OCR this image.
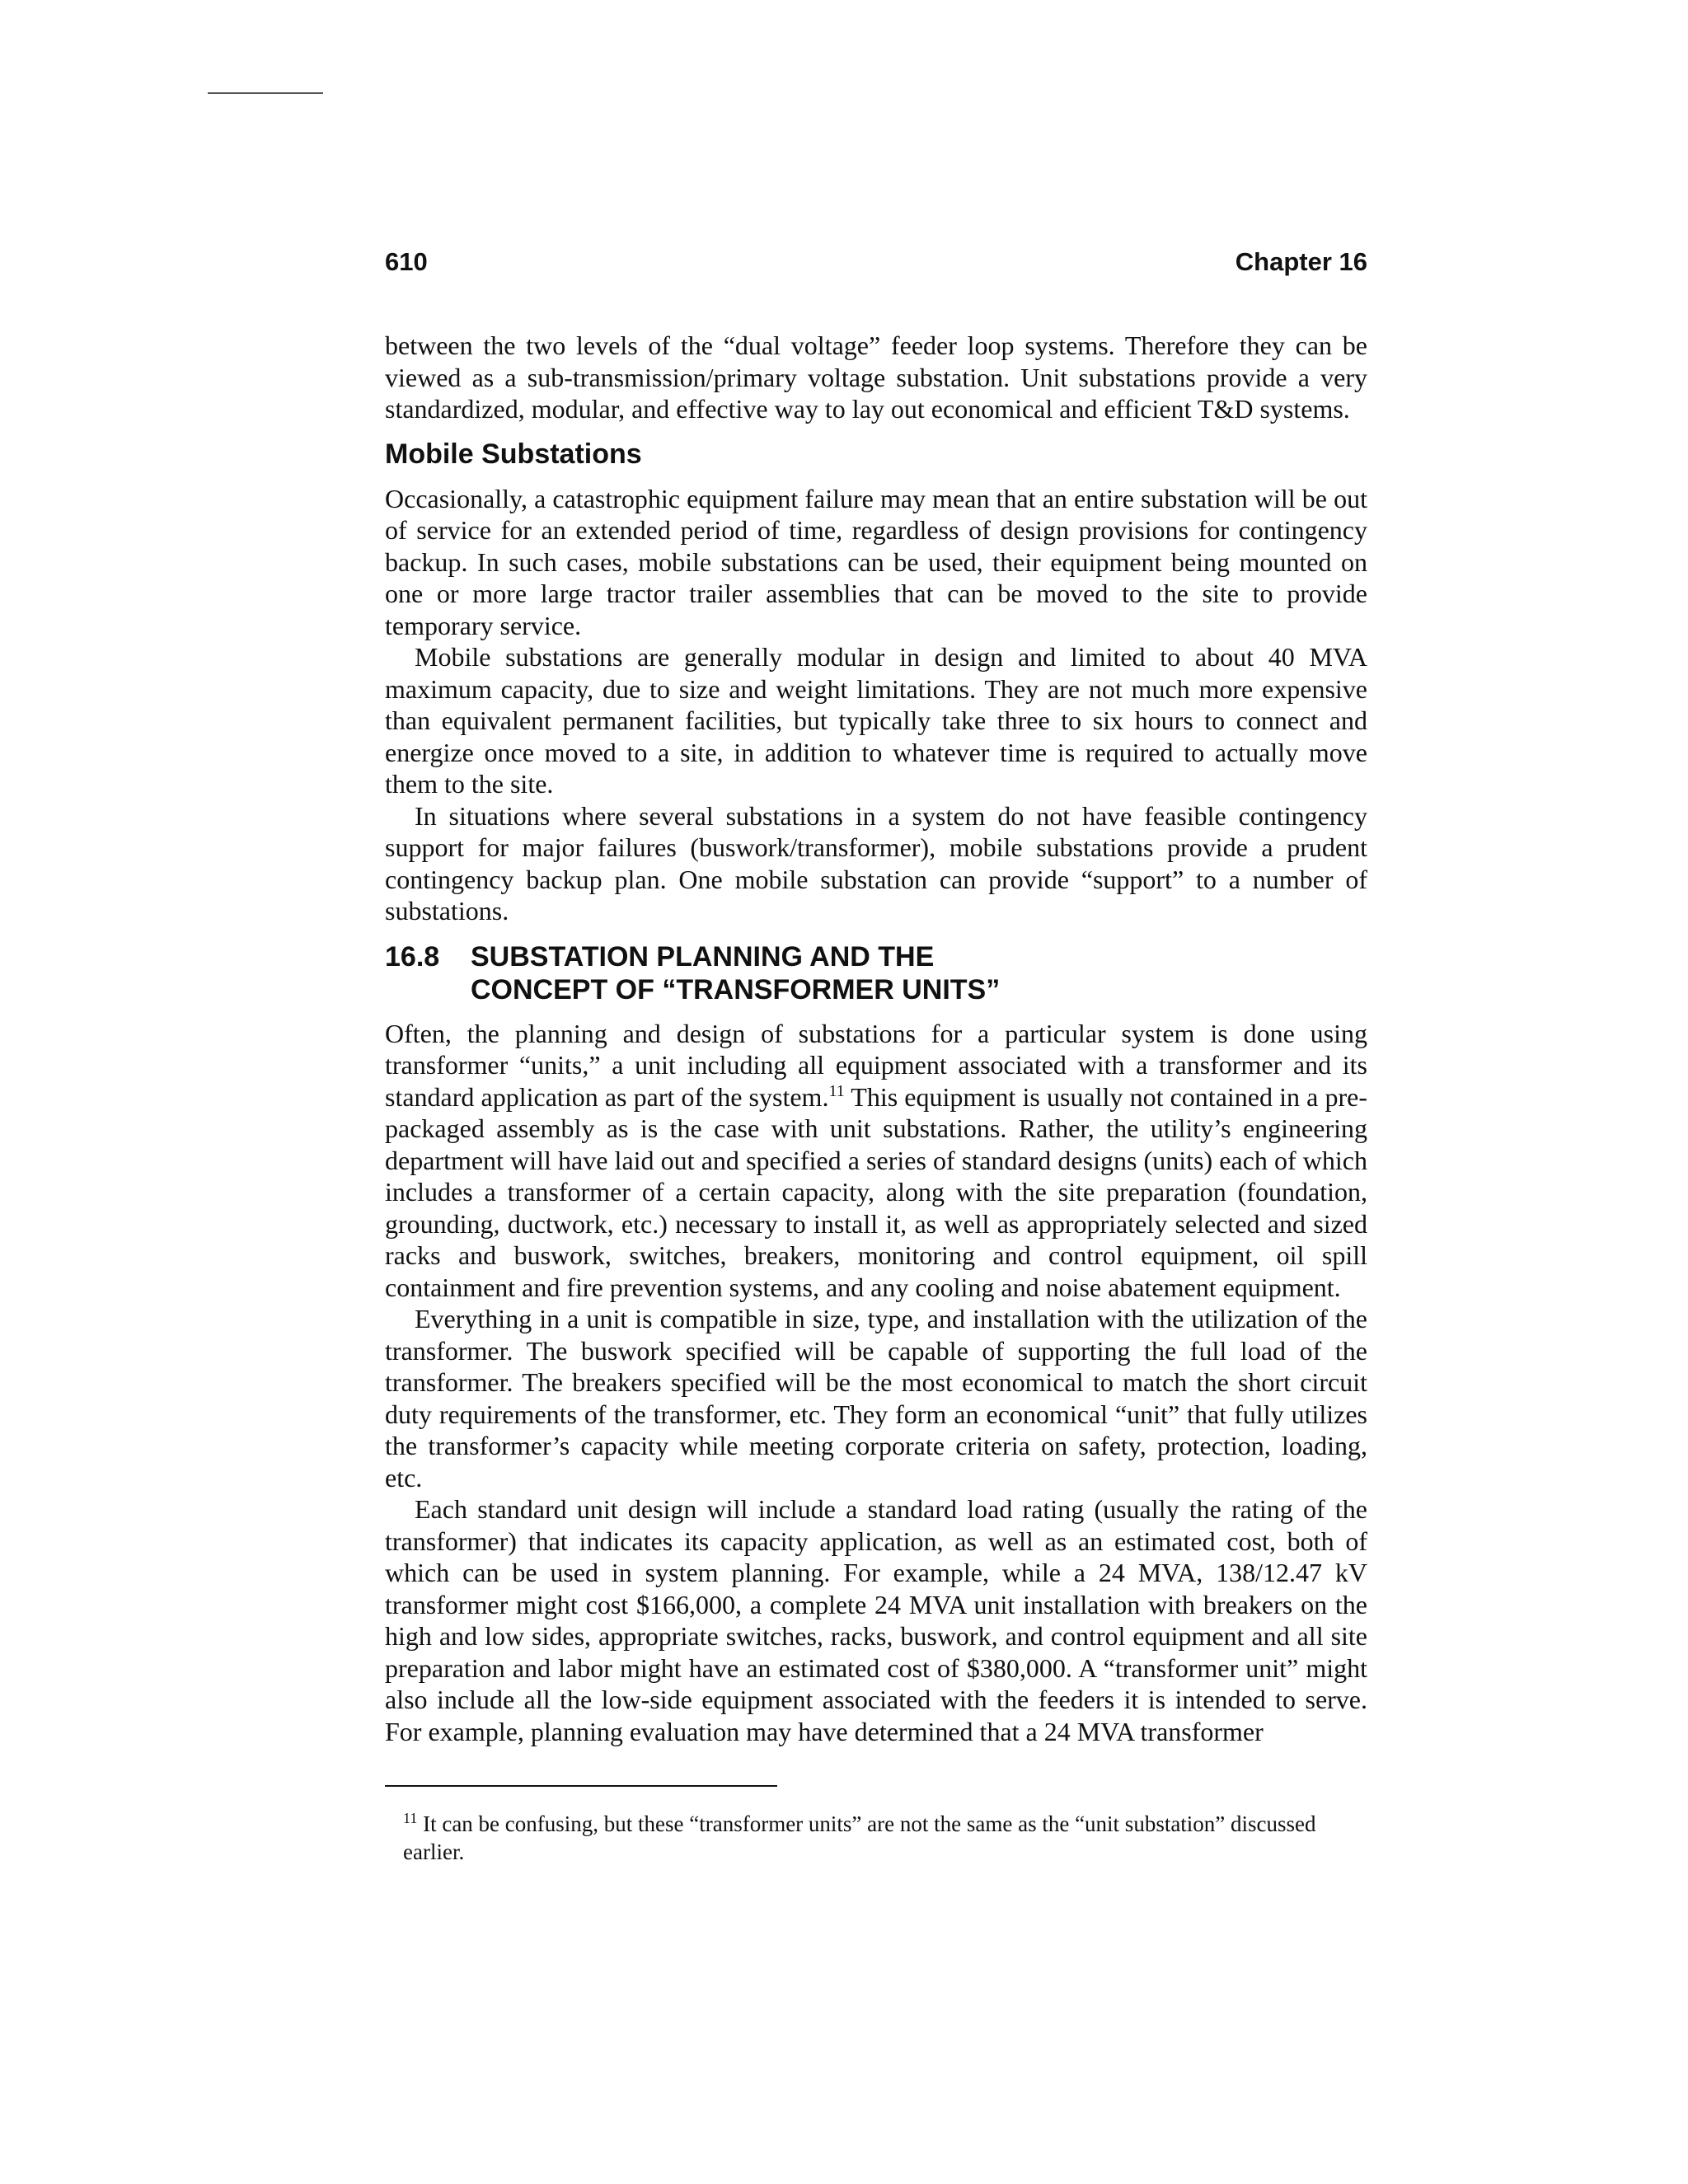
610	Chapter 16

between the two levels of the “dual voltage” feeder loop systems. Therefore they can be viewed as a sub-transmission/primary voltage substation. Unit substations provide a very standardized, modular, and effective way to lay out economical and efficient T&D systems.

Mobile Substations

Occasionally, a catastrophic equipment failure may mean that an entire substation will be out of service for an extended period of time, regardless of design provisions for contingency backup. In such cases, mobile substations can be used, their equipment being mounted on one or more large tractor trailer assemblies that can be moved to the site to provide temporary service.

Mobile substations are generally modular in design and limited to about 40 MVA maximum capacity, due to size and weight limitations. They are not much more expensive than equivalent permanent facilities, but typically take three to six hours to connect and energize once moved to a site, in addition to whatever time is required to actually move them to the site.

In situations where several substations in a system do not have feasible contingency support for major failures (buswork/transformer), mobile substations provide a prudent contingency backup plan. One mobile substation can provide “support” to a number of substations.

16.8 SUBSTATION PLANNING AND THE
CONCEPT OF “TRANSFORMER UNITS”

Often, the planning and design of substations for a particular system is done using transformer “units,” a unit including all equipment associated with a transformer and its standard application as part of the system.$^{11}$ This equipment is usually not contained in a pre-packaged assembly as is the case with unit substations. Rather, the utility’s engineering department will have laid out and specified a series of standard designs (units) each of which includes a transformer of a certain capacity, along with the site preparation (foundation, grounding, ductwork, etc.) necessary to install it, as well as appropriately selected and sized racks and buswork, switches, breakers, monitoring and control equipment, oil spill containment and fire prevention systems, and any cooling and noise abatement equipment.

Everything in a unit is compatible in size, type, and installation with the utilization of the transformer. The buswork specified will be capable of supporting the full load of the transformer. The breakers specified will be the most economical to match the short circuit duty requirements of the transformer, etc. They form an economical “unit” that fully utilizes the transformer’s capacity while meeting corporate criteria on safety, protection, loading, etc.

Each standard unit design will include a standard load rating (usually the rating of the transformer) that indicates its capacity application, as well as an estimated cost, both of which can be used in system planning. For example, while a 24 MVA, 138/12.47 kV transformer might cost $166,000, a complete 24 MVA unit installation with breakers on the high and low sides, appropriate switches, racks, buswork, and control equipment and all site preparation and labor might have an estimated cost of $380,000. A “transformer unit” might also include all the low-side equipment associated with the feeders it is intended to serve. For example, planning evaluation may have determined that a 24 MVA transformer

$^{11}$ It can be confusing, but these “transformer units” are not the same as the “unit substation” discussed earlier.
